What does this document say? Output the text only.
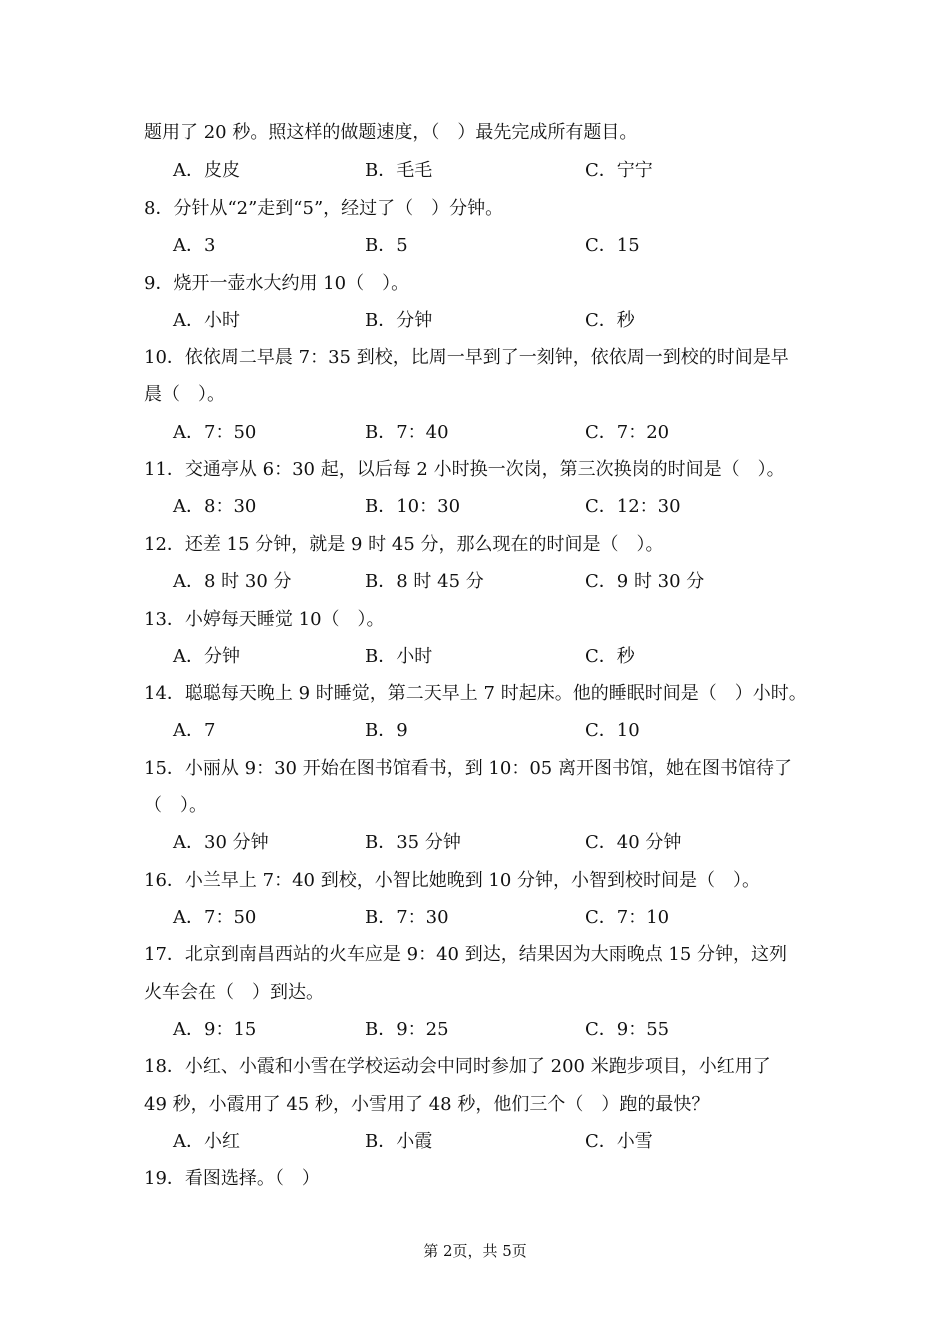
题用了 20 秒。照这样的做题速度，（　）最先完成所有题目。
A．皮皮	B．毛毛	C．宁宁
8．分针从“2”走到“5”，经过了（　）分钟。
A．3	B．5	C．15
9．烧开一壶水大约用 10（　）。
A．小时	B．分钟	C．秒
10．依依周二早晨 7：35 到校，比周一早到了一刻钟，依依周一到校的时间是早
晨（　）。
A．7：50	B．7：40	C．7：20
11．交通亭从 6：30 起，以后每 2 小时换一次岗，第三次换岗的时间是（　）。
A．8：30	B．10：30	C．12：30
12．还差 15 分钟，就是 9 时 45 分，那么现在的时间是（　）。
A．8 时 30 分	B．8 时 45 分	C．9 时 30 分
13．小婷每天睡觉 10（　）。
A．分钟	B．小时	C．秒
14．聪聪每天晚上 9 时睡觉，第二天早上 7 时起床。他的睡眠时间是（　）小时。
A．7	B．9	C．10
15．小丽从 9：30 开始在图书馆看书，到 10：05 离开图书馆，她在图书馆待了
（　）。
A．30 分钟	B．35 分钟	C．40 分钟
16．小兰早上 7：40 到校，小智比她晚到 10 分钟，小智到校时间是（　）。
A．7：50	B．7：30	C．7：10
17．北京到南昌西站的火车应是 9：40 到达，结果因为大雨晚点 15 分钟，这列
火车会在（　）到达。
A．9：15	B．9：25	C．9：55
18．小红、小霞和小雪在学校运动会中同时参加了 200 米跑步项目，小红用了
49 秒，小霞用了 45 秒，小雪用了 48 秒，他们三个（　）跑的最快？
A．小红	B．小霞	C．小雪
19．看图选择。（　）
第 2页，共 5页
